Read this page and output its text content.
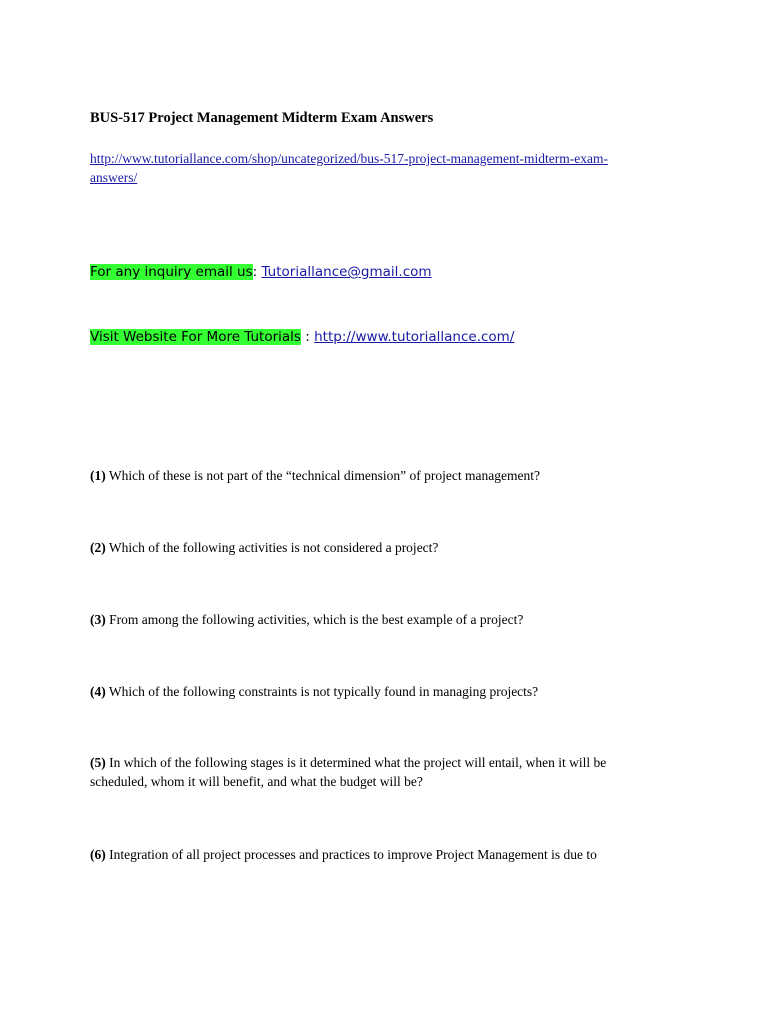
BUS-517 Project Management Midterm Exam Answers
http://www.tutoriallance.com/shop/uncategorized/bus-517-project-management-midterm-exam-
answers/
For any inquiry email us: Tutoriallance@gmail.com
Visit Website For More Tutorials : http://www.tutoriallance.com/
(1) Which of these is not part of the “technical dimension” of project management?
(2) Which of the following activities is not considered a project?
(3) From among the following activities, which is the best example of a project?
(4) Which of the following constraints is not typically found in managing projects?
(5) In which of the following stages is it determined what the project will entail, when it will be
scheduled, whom it will benefit, and what the budget will be?
(6) Integration of all project processes and practices to improve Project Management is due to
